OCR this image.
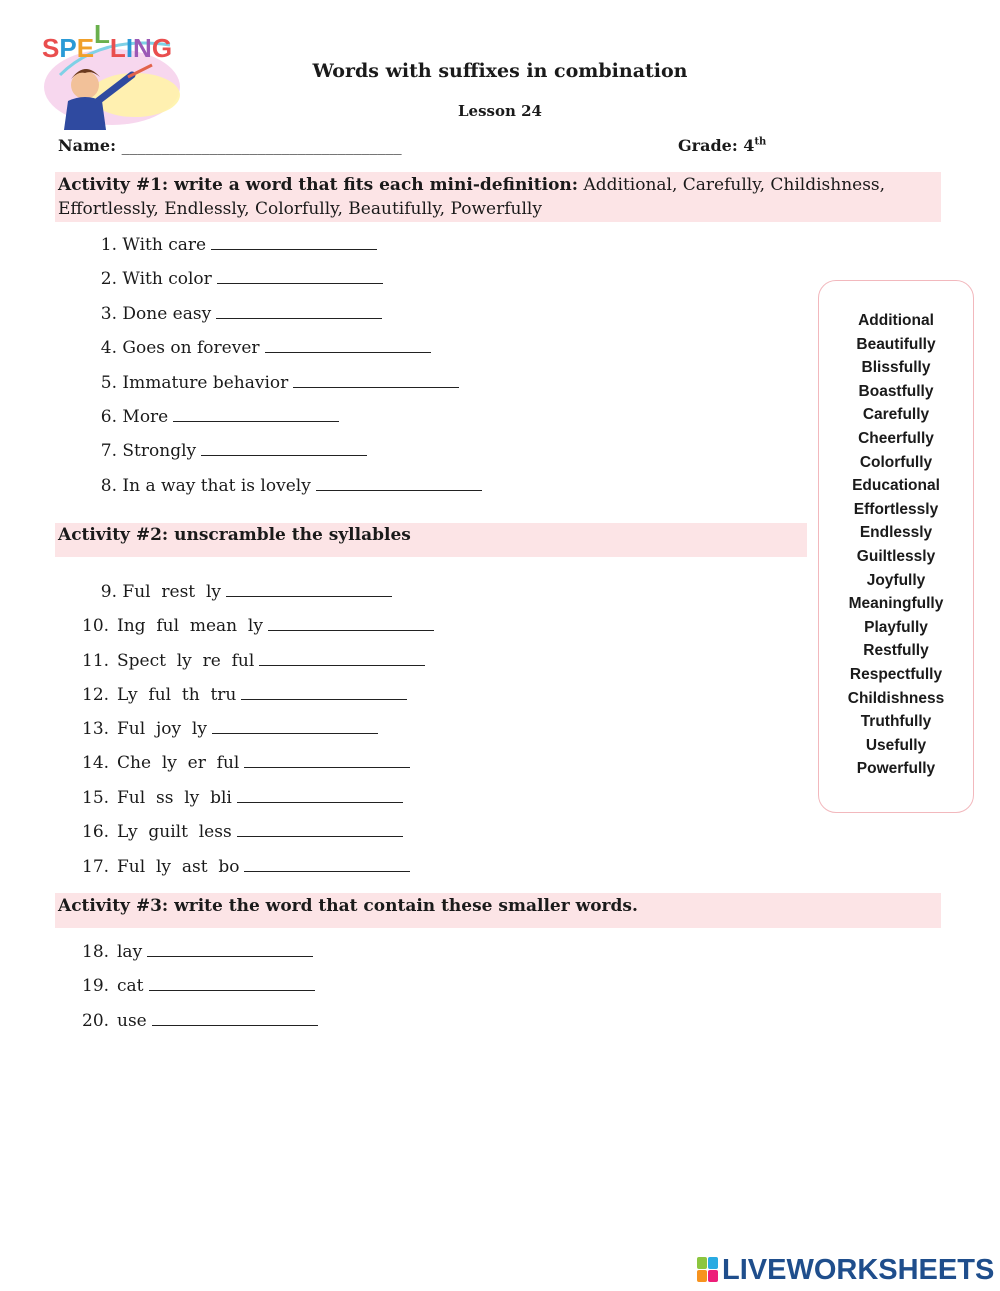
SPELLING
Words with suffixes in combination
Lesson 24
Name: ___________________________________	Grade: 4th
Activity #1: write a word that fits each mini-definition: Additional, Carefully, Childishness, Effortlessly, Endlessly, Colorfully, Beautifully, Powerfully
1. With care
2. With color
3. Done easy
4. Goes on forever
5. Immature behavior
6. More
7. Strongly
8. In a way that is lovely
Activity #2: unscramble the syllables
9. Ful  rest  ly
10. Ing  ful  mean  ly
11. Spect  ly  re  ful
12. Ly  ful  th  tru
13. Ful  joy  ly
14. Che  ly  er  ful
15. Ful  ss  ly  bli
16. Ly  guilt  less
17. Ful  ly  ast  bo
Activity #3: write the word that contain these smaller words.
18. lay
19. cat
20. use
Additional
Beautifully
Blissfully
Boastfully
Carefully
Cheerfully
Colorfully
Educational
Effortlessly
Endlessly
Guiltlessly
Joyfully
Meaningfully
Playfully
Restfully
Respectfully
Childishness
Truthfully
Usefully
Powerfully
LIVEWORKSHEETS
